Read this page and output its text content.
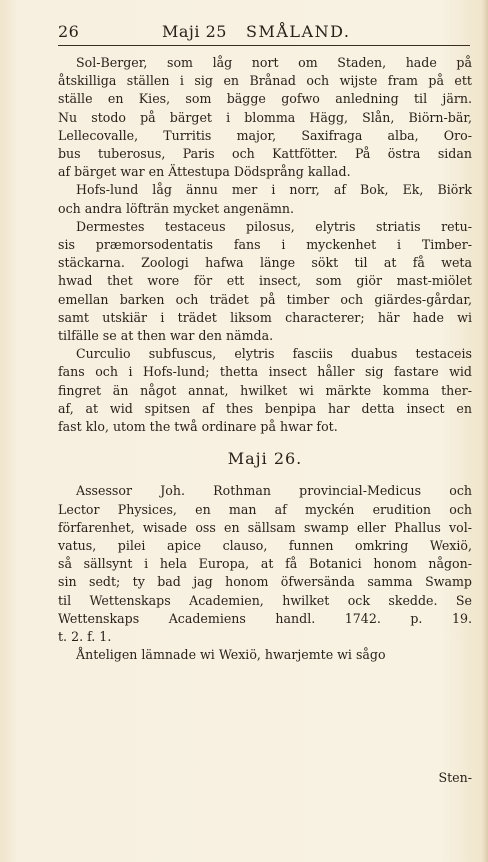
26	Maji 25 SMÅLAND.
Sol-Berger, som låg nort om Staden, hade på
åtskilliga ställen i sig en Brånad och wijste fram på ett
ställe en Kies, som bägge gofwo anledning til järn.
Nu stodo på bärget i blomma Hägg, Slån, Biörn-bär,
Lellecovalle, Turritis major, Saxifraga alba, Oro-
bus tuberosus, Paris och Kattfötter. På östra sidan
af bärget war en Ättestupa Dödsprång kallad.
Hofs-lund låg ännu mer i norr, af Bok, Ek, Biörk
och andra löfträn mycket angenämn.
Dermestes testaceus pilosus, elytris striatis retu-
sis præmorsodentatis fans i myckenhet i Timber-
stäckarna. Zoologi hafwa länge sökt til at få weta
hwad thet wore för ett insect, som giör mast-miölet
emellan barken och trädet på timber och giärdes-gårdar,
samt utskiär i trädet liksom characterer; här hade wi
tilfälle se at then war den nämda.
Curculio subfuscus, elytris fasciis duabus testaceis
fans och i Hofs-lund; thetta insect håller sig fastare wid
fingret än något annat, hwilket wi märkte komma ther-
af, at wid spitsen af thes benpipa har detta insect en
fast klo, utom the twå ordinare på hwar fot.
Maji 26.
Assessor Joh. Rothman provincial-Medicus och
Lector Physices, en man af myckén erudition och
förfarenhet, wisade oss en sällsam swamp eller Phallus vol-
vatus, pilei apice clauso, funnen omkring Wexiö,
så sällsynt i hela Europa, at få Botanici honom någon-
sin sedt; ty bad jag honom öfwersända samma Swamp
til Wettenskaps Academien, hwilket ock skedde. Se
Wettenskaps Academiens handl. 1742. p. 19.
t. 2. f. 1.
Ånteligen lämnade wi Wexiö, hwarjemte wi sågo
Sten-
